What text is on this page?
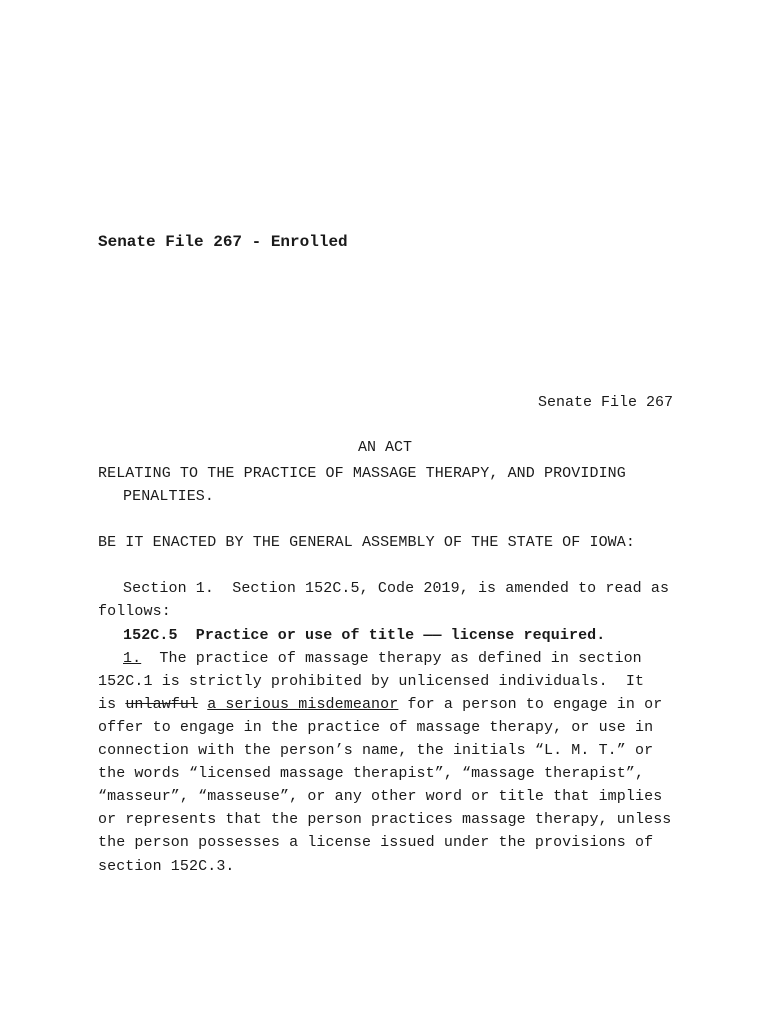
Senate File 267 - Enrolled
Senate File 267
AN ACT
RELATING TO THE PRACTICE OF MASSAGE THERAPY, AND PROVIDING
PENALTIES.
BE IT ENACTED BY THE GENERAL ASSEMBLY OF THE STATE OF IOWA:
Section 1.  Section 152C.5, Code 2019, is amended to read as
follows:
152C.5  Practice or use of title —— license required.
1.  The practice of massage therapy as defined in section
152C.1 is strictly prohibited by unlicensed individuals.  It
is unlawful a serious misdemeanor for a person to engage in or
offer to engage in the practice of massage therapy, or use in
connection with the person’s name, the initials “L. M. T.” or
the words “licensed massage therapist”, “massage therapist”,
“masseur”, “masseuse”, or any other word or title that implies
or represents that the person practices massage therapy, unless
the person possesses a license issued under the provisions of
section 152C.3.
